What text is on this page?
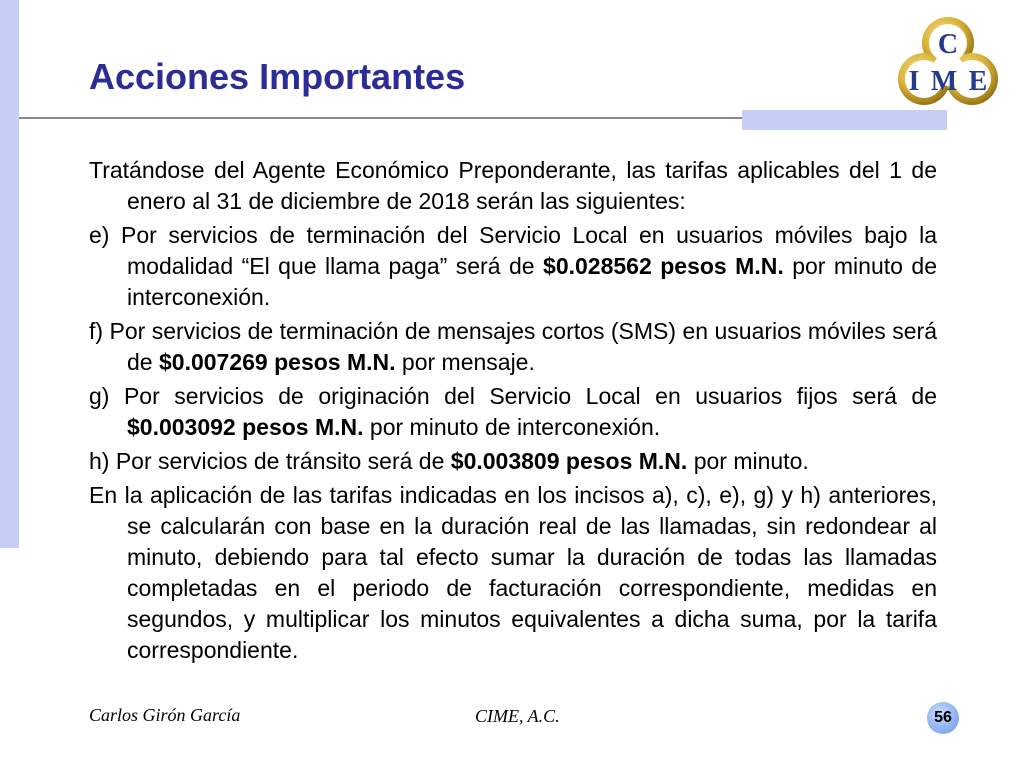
Acciones Importantes
C
I M E

Tratándose del Agente Económico Preponderante, las tarifas aplicables del 1 de enero al 31 de diciembre de 2018 serán las siguientes:

e) Por servicios de terminación del Servicio Local en usuarios móviles bajo la modalidad “El que llama paga” será de $0.028562 pesos M.N. por minuto de interconexión.

f) Por servicios de terminación de mensajes cortos (SMS) en usuarios móviles será de $0.007269 pesos M.N. por mensaje.

g) Por servicios de originación del Servicio Local en usuarios fijos será de $0.003092 pesos M.N. por minuto de interconexión.

h) Por servicios de tránsito será de $0.003809 pesos M.N. por minuto.

En la aplicación de las tarifas indicadas en los incisos a), c), e), g) y h) anteriores, se calcularán con base en la duración real de las llamadas, sin redondear al minuto, debiendo para tal efecto sumar la duración de todas las llamadas completadas en el periodo de facturación correspondiente, medidas en segundos, y multiplicar los minutos equivalentes a dicha suma, por la tarifa correspondiente.

Carlos Girón García	CIME, A.C.	56
